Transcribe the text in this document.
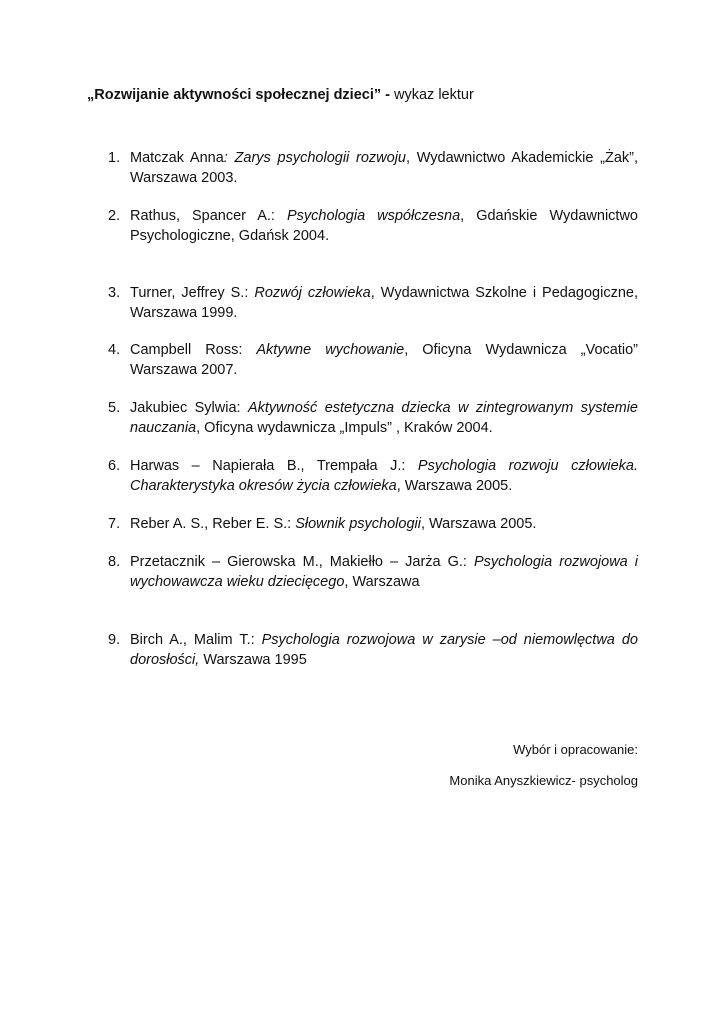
„Rozwijanie aktywności społecznej dzieci” - wykaz lektur
1. Matczak Anna: Zarys psychologii rozwoju, Wydawnictwo Akademickie „Żak”,
Warszawa 2003.
2. Rathus, Spancer A.: Psychologia współczesna, Gdańskie Wydawnictwo
Psychologiczne, Gdańsk 2004.
3. Turner, Jeffrey S.: Rozwój człowieka, Wydawnictwa Szkolne i Pedagogiczne,
Warszawa 1999.
4. Campbell Ross: Aktywne wychowanie, Oficyna Wydawnicza „Vocatio”
Warszawa 2007.
5. Jakubiec Sylwia: Aktywność estetyczna dziecka w zintegrowanym systemie
nauczania, Oficyna wydawnicza „Impuls” , Kraków 2004.
6. Harwas – Napierała B., Trempała J.: Psychologia rozwoju człowieka.
Charakterystyka okresów życia człowieka, Warszawa 2005.
7. Reber A. S., Reber E. S.: Słownik psychologii, Warszawa 2005.
8. Przetacznik – Gierowska M., Makiełło – Jarża G.: Psychologia rozwojowa i
wychowawcza wieku dziecięcego, Warszawa
9. Birch A., Malim T.: Psychologia rozwojowa w zarysie –od niemowlęctwa do
dorosłości, Warszawa 1995
Wybór i opracowanie:
Monika Anyszkiewicz- psycholog
